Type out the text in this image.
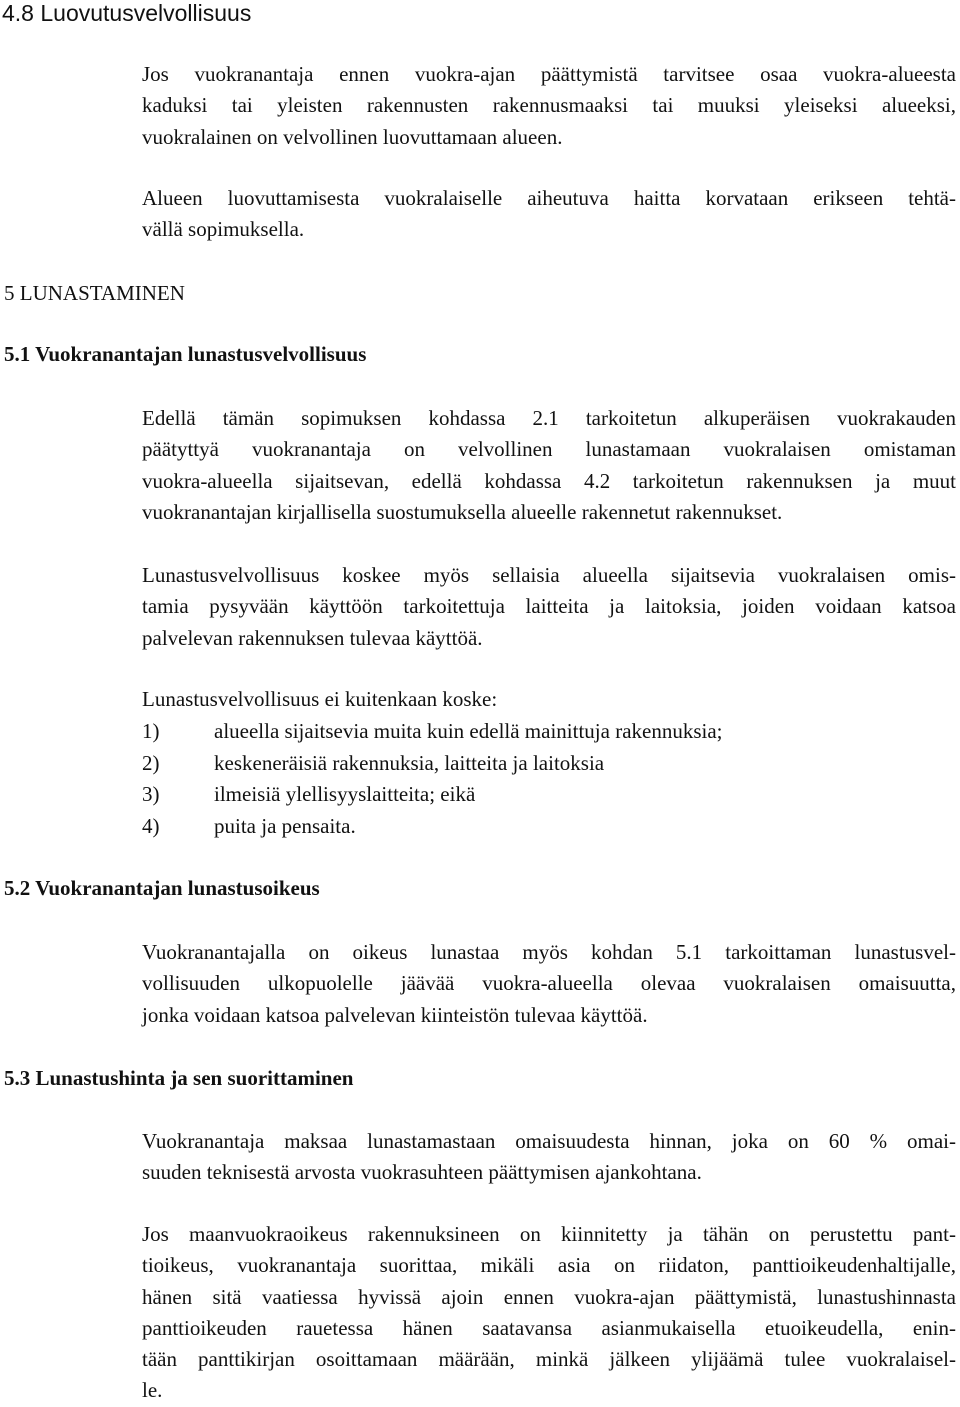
4.8 Luovutusvelvollisuus
Jos vuokranantaja ennen vuokra-ajan päättymistä tarvitsee osaa vuokra-alueesta
kaduksi tai yleisten rakennusten rakennusmaaksi tai muuksi yleiseksi alueeksi,
vuokralainen on velvollinen luovuttamaan alueen.
Alueen luovuttamisesta vuokralaiselle aiheutuva haitta korvataan erikseen tehtä-
vällä sopimuksella.
5 LUNASTAMINEN
5.1 Vuokranantajan lunastusvelvollisuus
Edellä tämän sopimuksen kohdassa 2.1 tarkoitetun alkuperäisen vuokrakauden
päätyttyä vuokranantaja on velvollinen lunastamaan vuokralaisen omistaman
vuokra-alueella sijaitsevan, edellä kohdassa 4.2 tarkoitetun rakennuksen ja muut
vuokranantajan kirjallisella suostumuksella alueelle rakennetut rakennukset.
Lunastusvelvollisuus koskee myös sellaisia alueella sijaitsevia vuokralaisen omis-
tamia pysyvään käyttöön tarkoitettuja laitteita ja laitoksia, joiden voidaan katsoa
palvelevan rakennuksen tulevaa käyttöä.
Lunastusvelvollisuus ei kuitenkaan koske:
1)	alueella sijaitsevia muita kuin edellä mainittuja rakennuksia;
2)	keskeneräisiä rakennuksia, laitteita ja laitoksia
3)	ilmeisiä ylellisyyslaitteita; eikä
4)	puita ja pensaita.
5.2 Vuokranantajan lunastusoikeus
Vuokranantajalla on oikeus lunastaa myös kohdan 5.1 tarkoittaman lunastusvel-
vollisuuden ulkopuolelle jäävää vuokra-alueella olevaa vuokralaisen omaisuutta,
jonka voidaan katsoa palvelevan kiinteistön tulevaa käyttöä.
5.3 Lunastushinta ja sen suorittaminen
Vuokranantaja maksaa lunastamastaan omaisuudesta hinnan, joka on 60 % omai-
suuden teknisestä arvosta vuokrasuhteen päättymisen ajankohtana.
Jos maanvuokraoikeus rakennuksineen on kiinnitetty ja tähän on perustettu pant-
tioikeus, vuokranantaja suorittaa, mikäli asia on riidaton, panttioikeudenhaltijalle,
hänen sitä vaatiessa hyvissä ajoin ennen vuokra-ajan päättymistä, lunastushinnasta
panttioikeuden rauetessa hänen saatavansa asianmukaisella etuoikeudella, enin-
tään panttikirjan osoittamaan määrään, minkä jälkeen ylijäämä tulee vuokralaisel-
le.
